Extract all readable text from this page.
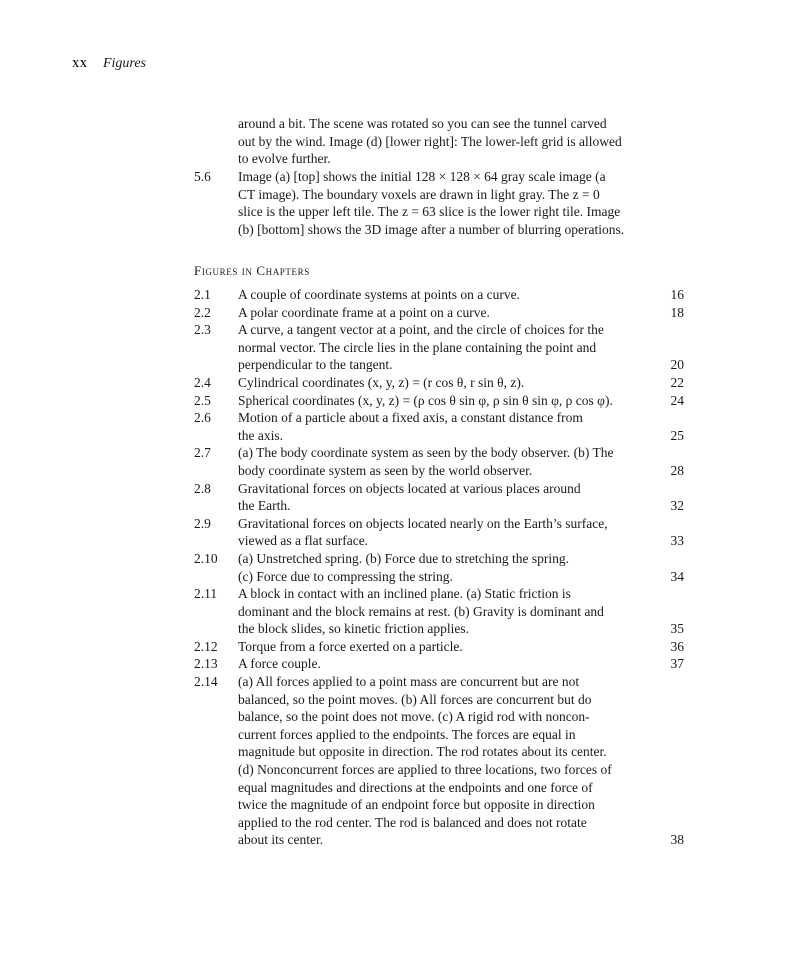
xx Figures
around a bit. The scene was rotated so you can see the tunnel carved
out by the wind. Image (d) [lower right]: The lower-left grid is allowed
to evolve further.
5.6 Image (a) [top] shows the initial 128 × 128 × 64 gray scale image (a
CT image). The boundary voxels are drawn in light gray. The z = 0
slice is the upper left tile. The z = 63 slice is the lower right tile. Image
(b) [bottom] shows the 3D image after a number of blurring operations.
Figures in Chapters
2.1 A couple of coordinate systems at points on a curve.	16
2.2 A polar coordinate frame at a point on a curve.	18
2.3 A curve, a tangent vector at a point, and the circle of choices for the
normal vector. The circle lies in the plane containing the point and
perpendicular to the tangent.	20
2.4 Cylindrical coordinates (x, y, z) = (r cos θ, r sin θ, z).	22
2.5 Spherical coordinates (x, y, z) = (ρ cos θ sin φ, ρ sin θ sin φ, ρ cos φ).	24
2.6 Motion of a particle about a fixed axis, a constant distance from
the axis.	25
2.7 (a) The body coordinate system as seen by the body observer. (b) The
body coordinate system as seen by the world observer.	28
2.8 Gravitational forces on objects located at various places around
the Earth.	32
2.9 Gravitational forces on objects located nearly on the Earth’s surface,
viewed as a flat surface.	33
2.10 (a) Unstretched spring. (b) Force due to stretching the spring.
(c) Force due to compressing the string.	34
2.11 A block in contact with an inclined plane. (a) Static friction is
dominant and the block remains at rest. (b) Gravity is dominant and
the block slides, so kinetic friction applies.	35
2.12 Torque from a force exerted on a particle.	36
2.13 A force couple.	37
2.14 (a) All forces applied to a point mass are concurrent but are not
balanced, so the point moves. (b) All forces are concurrent but do
balance, so the point does not move. (c) A rigid rod with noncon-
current forces applied to the endpoints. The forces are equal in
magnitude but opposite in direction. The rod rotates about its center.
(d) Nonconcurrent forces are applied to three locations, two forces of
equal magnitudes and directions at the endpoints and one force of
twice the magnitude of an endpoint force but opposite in direction
applied to the rod center. The rod is balanced and does not rotate
about its center.	38
